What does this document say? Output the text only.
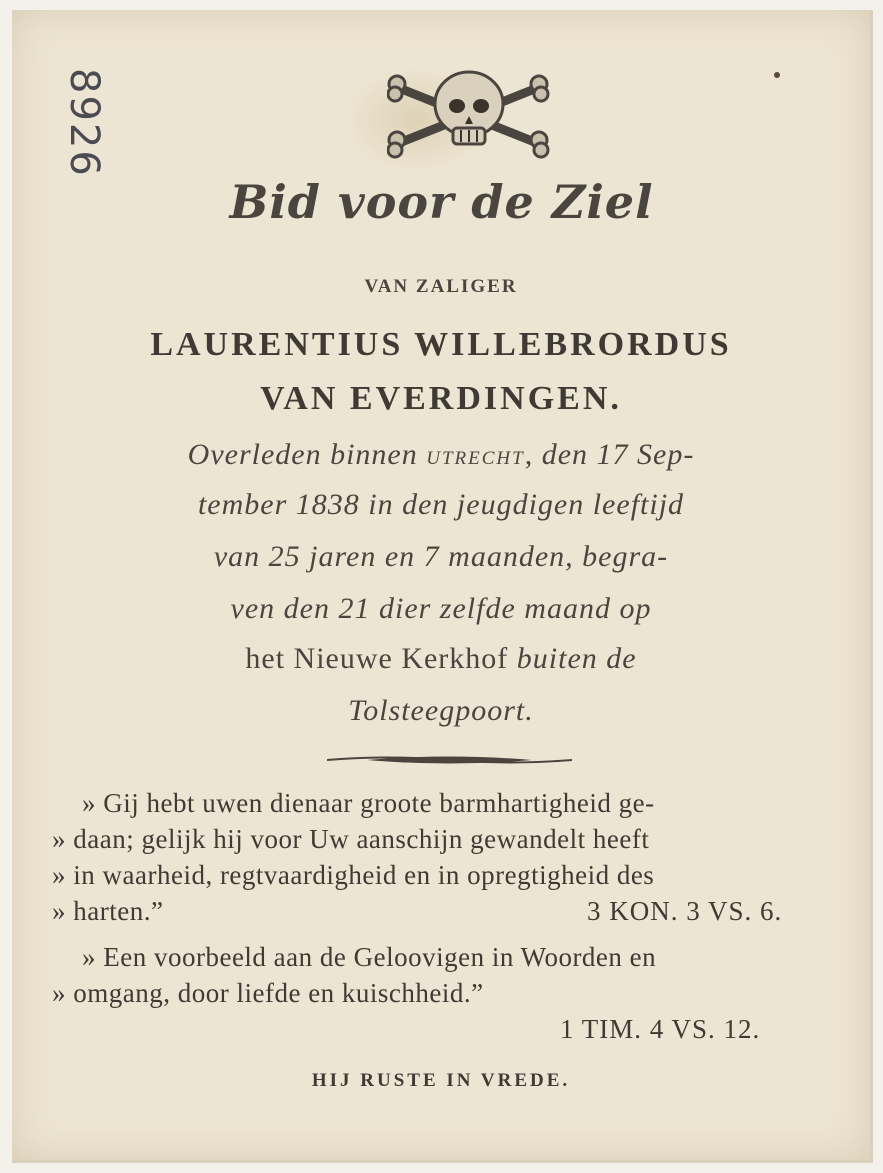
8926
Bid voor de Ziel
VAN ZALIGER
LAURENTIUS WILLEBRORDUS
VAN EVERDINGEN.
Overleden binnen UTRECHT, den 17 Sep-
tember 1838 in den jeugdigen leeftijd
van 25 jaren en 7 maanden, begra-
ven den 21 dier zelfde maand op
het Nieuwe Kerkhof buiten de
Tolsteegpoort.
» Gij hebt uwen dienaar groote barmhartigheid ge-
» daan; gelijk hij voor Uw aanschijn gewandelt heeft
» in waarheid, regtvaardigheid en in opregtigheid des
» harten.”	3 KON. 3 VS. 6.
» Een voorbeeld aan de Geloovigen in Woorden en
» omgang, door liefde en kuischheid.”
1 TIM. 4 VS. 12.
HIJ RUSTE IN VREDE.
